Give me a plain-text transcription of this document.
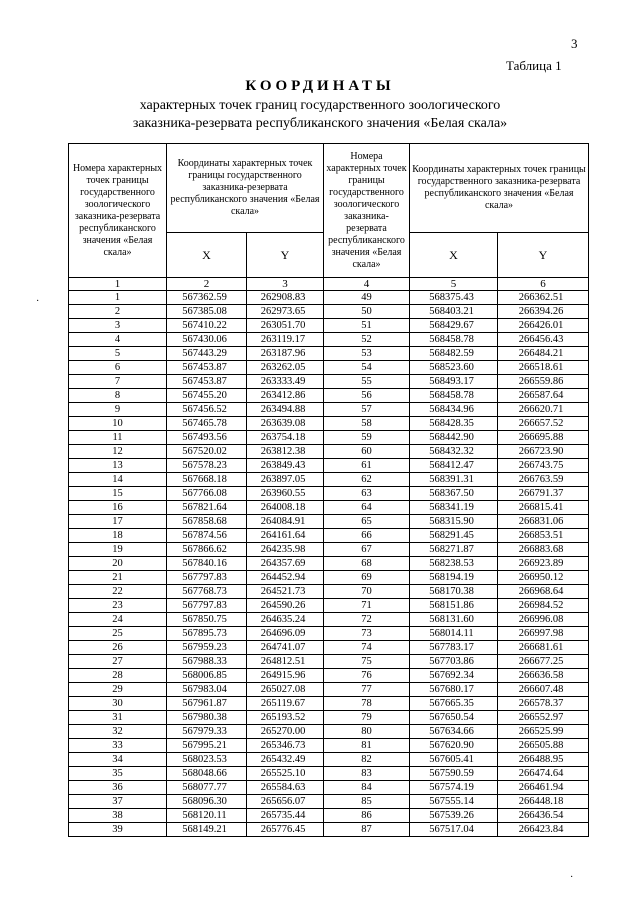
3
Таблица 1
КООРДИНАТЫ
характерных точек границ государственного зоологического
заказника-резервата республиканского значения «Белая скала»
Номера характерных точек границы государственного зоологического заказника-резервата республиканского значения «Белая скала»	Координаты характерных точек границы государственного заказника-резервата республиканского значения «Белая скала»		Номера характерных точек границы государственного зоологического заказника-резервата республиканского значения «Белая скала»	Координаты характерных точек границы государственного заказника-резервата республиканского значения «Белая скала»	
	X	Y		X	Y
1	2	3	4	5	6
1	567362.59	262908.83	49	568375.43	266362.51
2	567385.08	262973.65	50	568403.21	266394.26
3	567410.22	263051.70	51	568429.67	266426.01
4	567430.06	263119.17	52	568458.78	266456.43
5	567443.29	263187.96	53	568482.59	266484.21
6	567453.87	263262.05	54	568523.60	266518.61
7	567453.87	263333.49	55	568493.17	266559.86
8	567455.20	263412.86	56	568458.78	266587.64
9	567456.52	263494.88	57	568434.96	266620.71
10	567465.78	263639.08	58	568428.35	266657.52
11	567493.56	263754.18	59	568442.90	266695.88
12	567520.02	263812.38	60	568432.32	266723.90
13	567578.23	263849.43	61	568412.47	266743.75
14	567668.18	263897.05	62	568391.31	266763.59
15	567766.08	263960.55	63	568367.50	266791.37
16	567821.64	264008.18	64	568341.19	266815.41
17	567858.68	264084.91	65	568315.90	266831.06
18	567874.56	264161.64	66	568291.45	266853.51
19	567866.62	264235.98	67	568271.87	266883.68
20	567840.16	264357.69	68	568238.53	266923.89
21	567797.83	264452.94	69	568194.19	266950.12
22	567768.73	264521.73	70	568170.38	266968.64
23	567797.83	264590.26	71	568151.86	266984.52
24	567850.75	264635.24	72	568131.60	266996.08
25	567895.73	264696.09	73	568014.11	266997.98
26	567959.23	264741.07	74	567783.17	266681.61
27	567988.33	264812.51	75	567703.86	266677.25
28	568006.85	264915.96	76	567692.34	266636.58
29	567983.04	265027.08	77	567680.17	266607.48
30	567961.87	265119.67	78	567665.35	266578.37
31	567980.38	265193.52	79	567650.54	266552.97
32	567979.33	265270.00	80	567634.66	266525.99
33	567995.21	265346.73	81	567620.90	266505.88
34	568023.53	265432.49	82	567605.41	266488.95
35	568048.66	265525.10	83	567590.59	266474.64
36	568077.77	265584.63	84	567574.19	266461.94
37	568096.30	265656.07	85	567555.14	266448.18
38	568120.11	265735.44	86	567539.26	266436.54
39	568149.21	265776.45	87	567517.04	266423.84
·
·
